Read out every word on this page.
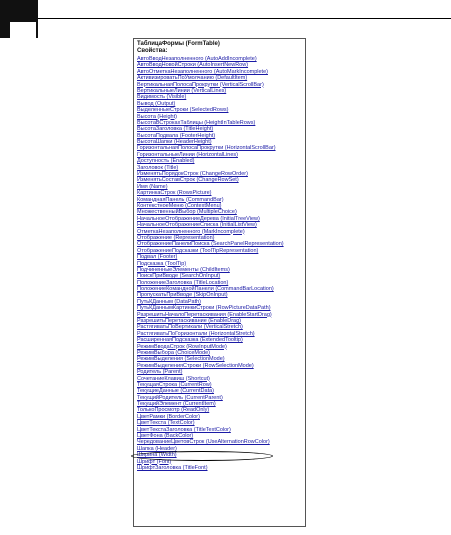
ТаблицаФормы (FormTable)
Свойства:
АвтоВводНезаполненного (AutoAddIncomplete)
АвтоВводНовойСтроки (AutoInsertNewRow)
АвтоОтметкаНезаполненного (AutoMarkIncomplete)
АктивизироватьПоУмолчанию (DefaultItem)
ВертикальнаяПолосаПрокрутки (VerticalScrollBar)
ВертикальныеЛинии (VerticalLines)
Видимость (Visible)
Вывод (Output)
ВыделенныеСтроки (SelectedRows)
Высота (Height)
ВысотаВСтрокахТаблицы (HeightInTableRows)
ВысотаЗаголовка (TitleHeight)
ВысотаПодвала (FooterHeight)
ВысотаШапки (HeaderHeight)
ГоризонтальнаяПолосаПрокрутки (HorizontalScrollBar)
ГоризонтальныеЛинии (HorizontalLines)
Доступность (Enabled)
Заголовок (Title)
ИзменятьПорядокСтрок (ChangeRowOrder)
ИзменятьСоставСтрок (ChangeRowSet)
Имя (Name)
КартинкаСтрок (RowsPicture)
КоманднаяПанель (CommandBar)
КонтекстноеМеню (ContextMenu)
МножественныйВыбор (MultipleChoice)
НачальноеОтображениеДерева (InitialTreeView)
НачальноеОтображениеСписка (InitialListView)
ОтметкаНезаполненного (MarkIncomplete)
Отображение (Representation)
ОтображениеПанелиПоиска (SearchPanelRepresentation)
ОтображениеПодсказки (ToolTipRepresentation)
Подвал (Footer)
Подсказка (ToolTip)
ПодчиненныеЭлементы (ChildItems)
ПоискПриВводе (SearchOnInput)
ПоложениеЗаголовка (TitleLocation)
ПоложениеКоманднойПанели (CommandBarLocation)
ПропускатьПриВводе (SkipOnInput)
ПутьКДанным (DataPath)
ПутьКДаннымКартинкиСтроки (RowPictureDataPath)
РазрешитьНачалоПеретаскивания (EnableStartDrag)
РазрешитьПеретаскивание (EnableDrag)
РастягиватьПоВертикали (VerticalStretch)
РастягиватьПоГоризонтали (HorizontalStretch)
РасширеннаяПодсказка (ExtendedTooltip)
РежимВводаСтрок (RowInputMode)
РежимВыбора (ChoiceMode)
РежимВыделения (SelectionMode)
РежимВыделенияСтроки (RowSelectionMode)
Родитель (Parent)
СочетаниеКлавиш (Shortcut)
ТекущаяСтрока (CurrentRow)
ТекущиеДанные (CurrentData)
ТекущийРодитель (CurrentParent)
ТекущийЭлемент (CurrentItem)
ТолькоПросмотр (ReadOnly)
ЦветРамки (BorderColor)
ЦветТекста (TextColor)
ЦветТекстаЗаголовка (TitleTextColor)
ЦветФона (BackColor)
ЧередованиеЦветовСтрок (UseAlternationRowColor)
Шапка (Header)
Ширина (Width)
Шрифт (Font)
ШрифтЗаголовка (TitleFont)
